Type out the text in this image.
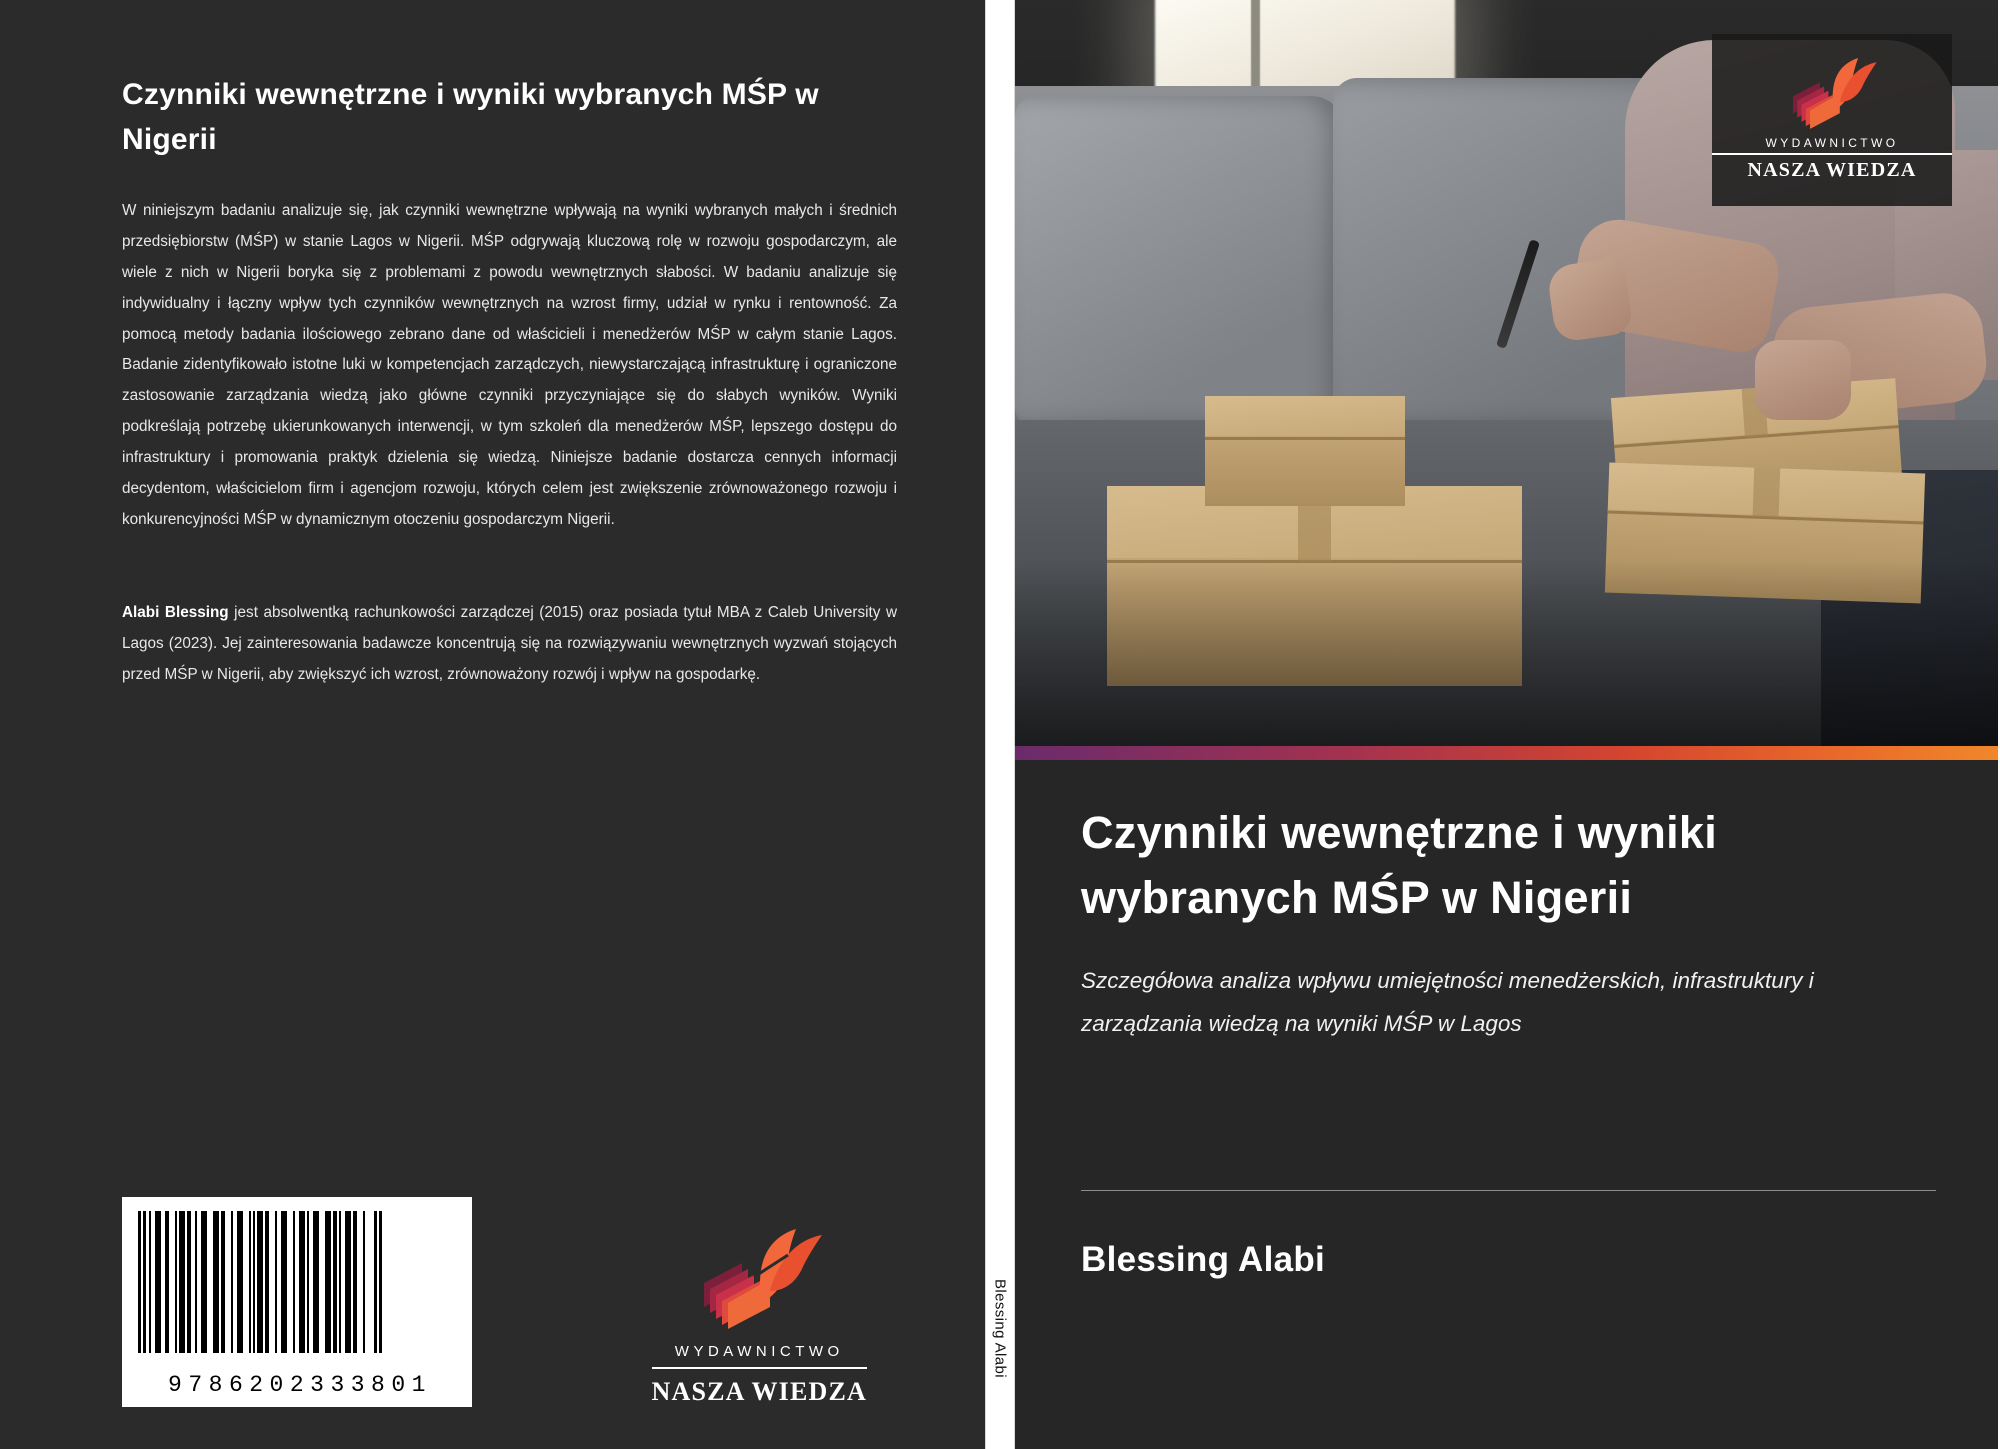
Czynniki wewnętrzne i wyniki wybranych MŚP w Nigerii

W niniejszym badaniu analizuje się, jak czynniki wewnętrzne wpływają na wyniki wybranych małych i średnich przedsiębiorstw (MŚP) w stanie Lagos w Nigerii. MŚP odgrywają kluczową rolę w rozwoju gospodarczym, ale wiele z nich w Nigerii boryka się z problemami z powodu wewnętrznych słabości. W badaniu analizuje się indywidualny i łączny wpływ tych czynników wewnętrznych na wzrost firmy, udział w rynku i rentowność. Za pomocą metody badania ilościowego zebrano dane od właścicieli i menedżerów MŚP w całym stanie Lagos. Badanie zidentyfikowało istotne luki w kompetencjach zarządczych, niewystarczającą infrastrukturę i ograniczone zastosowanie zarządzania wiedzą jako główne czynniki przyczyniające się do słabych wyników. Wyniki podkreślają potrzebę ukierunkowanych interwencji, w tym szkoleń dla menedżerów MŚP, lepszego dostępu do infrastruktury i promowania praktyk dzielenia się wiedzą. Niniejsze badanie dostarcza cennych informacji decydentom, właścicielom firm i agencjom rozwoju, których celem jest zwiększenie zrównoważonego rozwoju i konkurencyjności MŚP w dynamicznym otoczeniu gospodarczym Nigerii.

Alabi Blessing jest absolwentką rachunkowości zarządczej (2015) oraz posiada tytuł MBA z Caleb University w Lagos (2023). Jej zainteresowania badawcze koncentrują się na rozwiązywaniu wewnętrznych wyzwań stojących przed MŚP w Nigerii, aby zwiększyć ich wzrost, zrównoważony rozwój i wpływ na gospodarkę.

9786202333801
WYDAWNICTWO
NASZA WIEDZA
Blessing Alabi
WYDAWNICTWO
NASZA WIEDZA
Czynniki wewnętrzne i wyniki wybranych MŚP w Nigerii

Szczegółowa analiza wpływu umiejętności menedżerskich, infrastruktury i zarządzania wiedzą na wyniki MŚP w Lagos

Blessing Alabi
